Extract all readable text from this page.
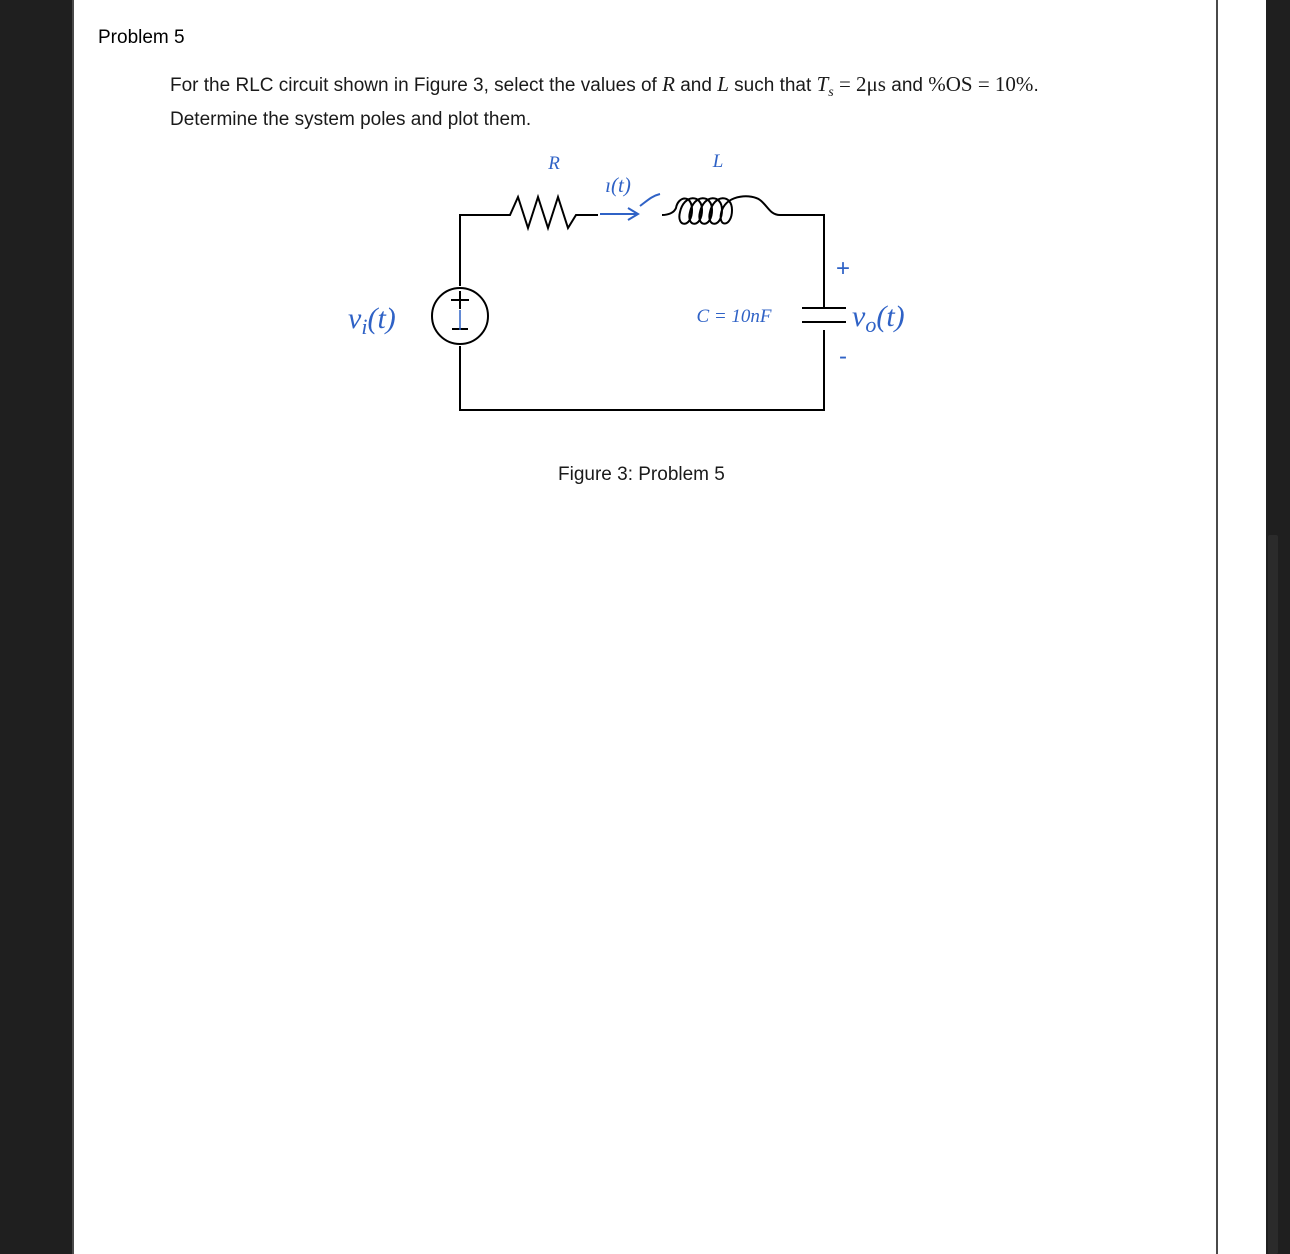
Problem 5
For the RLC circuit shown in Figure 3, select the values of R and L such that $T_s = 2\mu s$ and %OS = 10%.
Determine the system poles and plot them.
R	L
ı(t)
$v_i(t)$	C = 10nF	$v_o(t)$
+
-
Figure 3: Problem 5
